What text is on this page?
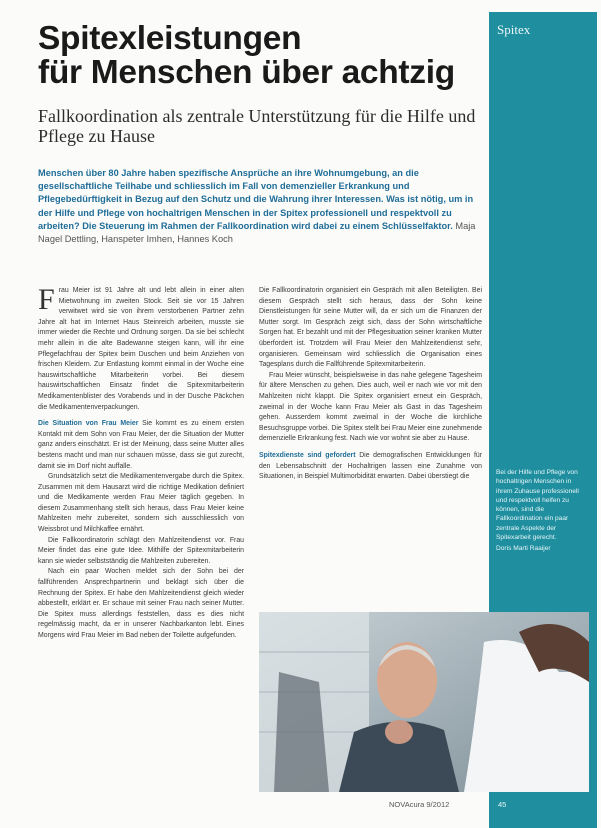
Spitex
Spitexleistungen
für Menschen über achtzig
Fallkoordination als zentrale Unterstützung für die Hilfe und Pflege zu Hause
Menschen über 80 Jahre haben spezifische Ansprüche an ihre Wohnumgebung, an die gesellschaftliche Teilhabe und schliesslich im Fall von demenzieller Erkrankung und Pflegebedürftigkeit in Bezug auf den Schutz und die Wahrung ihrer Interessen. Was ist nötig, um in der Hilfe und Pflege von hochaltrigen Menschen in der Spitex professionell und respektvoll zu arbeiten? Die Steuerung im Rahmen der Fallkoordination wird dabei zu einem Schlüsselfaktor. Maja Nagel Dettling, Hanspeter Imhen, Hannes Koch

Frau Meier ist 91 Jahre alt und lebt allein in einer alten Mietwohnung im zweiten Stock. Seit sie vor 15 Jahren verwitwet wird sie von ihrem verstorbenen Partner zehn Jahre alt hat im Internet Haus Steinreich arbeiten, musste sie immer wieder die Rechte und Ordnung sorgen. Da sie bei schlecht mehr allein in die alte Badewanne steigen kann, will ihr eine Pflegefachfrau der Spitex beim Duschen und beim Anziehen von frischen Kleidern. Zur Entlastung kommt einmal in der Woche eine hauswirtschaftliche Mitarbeiterin vorbei. Bei diesem hauswirtschaftlichen Einsatz findet die Spitexmitarbeiterin Medikamentenblister des Vorabends und in der Dusche Päckchen die Medikamentenverpackungen.

Die Situation von Frau Meier Sie kommt es zu einem ersten Kontakt mit dem Sohn von Frau Meier, der die Situation der Mutter ganz anders einschätzt. Er ist der Meinung, dass seine Mutter alles bestens macht und man nur schauen müsse, dass sie gut zurecht, damit sie im Dorf nicht auffalle.

Grundsätzlich setzt die Medikamentenvergabe durch die Spitex. Zusammen mit dem Hausarzt wird die richtige Medikation definiert und die Medikamente werden Frau Meier täglich gegeben. In diesem Zusammenhang stellt sich heraus, dass Frau Meier keine Mahlzeiten mehr zubereitet, sondern sich ausschliesslich von Weissbrot und Milchkaffee ernährt.

Die Fallkoordinatorin schlägt den Mahlzeitendienst vor. Frau Meier findet das eine gute Idee. Mithilfe der Spitexmitarbeiterin kann sie wieder selbstständig die Mahlzeiten zubereiten.

Nach ein paar Wochen meldet sich der Sohn bei der fallführenden Ansprechpartnerin und beklagt sich über die Rechnung der Spitex. Er habe den Mahlzeitendienst gleich wieder abbestellt, erklärt er. Er schaue mit seiner Frau nach seiner Mutter. Die Spitex muss allerdings feststellen, dass es dies nicht regelmässig macht, da er in unserer Nachbarkanton lebt. Eines Morgens wird Frau Meier im Bad neben der Toilette aufgefunden.

Die Fallkoordinatorin organisiert ein Gespräch mit allen Beteiligten. Bei diesem Gespräch stellt sich heraus, dass der Sohn keine Dienstleistungen für seine Mutter will, da er sich um die Finanzen der Mutter sorgt. Im Gespräch zeigt sich, dass der Sohn wirtschaftliche Sorgen hat. Er bezahlt und mit der Pflegesituation seiner kranken Mutter überfordert ist. Trotzdem will Frau Meier den Mahlzeitendienst sehr, organisieren. Gemeinsam wird schliesslich die Organisation eines Tagesplans durch die Fallführende Spitexmitarbeiterin.

Frau Meier wünscht, beispielsweise in das nahe gelegene Tagesheim für ältere Menschen zu gehen. Dies auch, weil er nach wie vor mit den Mahlzeiten nicht klappt. Die Spitex organisiert erneut ein Gespräch, zweimal in der Woche kann Frau Meier als Gast in das Tagesheim gehen. Ausserdem kommt zweimal in der Woche die kirchliche Besuchsgruppe vorbei. Die Spitex stellt bei Frau Meier eine zunehmende demenzielle Erkrankung fest. Nach wie vor wohnt sie aber zu Hause.

Spitexdienste sind gefordert Die demografischen Entwicklungen für den Lebensabschnitt der Hochaltrigen lassen eine Zunahme von Situationen, in Beispiel Multimorbidität erwarten. Dabei überstiegt die

Bei der Hilfe und Pflege von hochaltrigen Menschen in ihrem Zuhause professionell und respektvoll helfen zu können, sind die Fallkoordination ein paar zentrale Aspekte der Spitexarbeit gerecht.
Doris Marti Raaijer
NOVAcura 9/2012	45
